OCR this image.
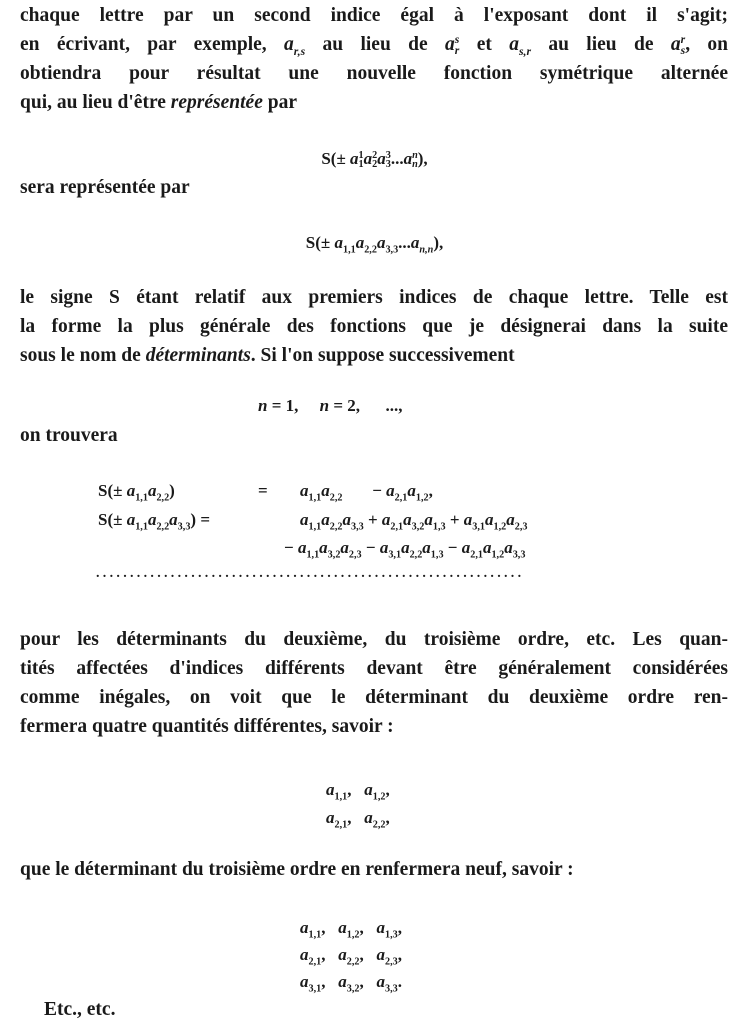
chaque lettre par un second indice égal à l'exposant dont il s'agit;
en écrivant, par exemple, $a_{r,s}$ au lieu de a s
r et $a_{s,r}$ au lieu de a r
s , on
obtiendra pour résultat une nouvelle fonction symétrique alternée
qui, au lieu d'être représentée par
S(± a 1
1 a 2
2 a 3
3 ...a n
n ),
sera représentée par
$S(\pm a_{1,1}a_{2,2}a_{3,3}...a_{n,n})$,
le signe S étant relatif aux premiers indices de chaque lettre. Telle est
la forme la plus générale des fonctions que je désignerai dans la suite
sous le nom de déterminants. Si l'on suppose successivement
n = 1,     n = 2,      ...,
on trouvera
$S(\pm a_{1,1}a_{2,2})$	= $a_{1,1}a_{2,2}$       − $a_{2,1}a_{1,2}$,
$S(\pm a_{1,1}a_{2,2}a_{3,3})$ =	$a_{1,1}a_{2,2}a_{3,3} + a_{2,1}a_{3,2}a_{1,3} + a_{3,1}a_{1,2}a_{2,3}$
− $a_{1,1}a_{3,2}a_{2,3} - a_{3,1}a_{2,2}a_{1,3} - a_{2,1}a_{1,2}a_{3,3}$
...............................................................
pour les déterminants du deuxième, du troisième ordre, etc. Les quan-
tités affectées d'indices différents devant être généralement considérées
comme inégales, on voit que le déterminant du deuxième ordre ren-
fermera quatre quantités différentes, savoir :
$a_{1,1}$,   $a_{1,2}$,
$a_{2,1}$,   $a_{2,2}$,
que le déterminant du troisième ordre en renfermera neuf, savoir :
$a_{1,1}$,   $a_{1,2}$,   $a_{1,3}$,
$a_{2,1}$,   $a_{2,2}$,   $a_{2,3}$,
$a_{3,1}$,   $a_{3,2}$,   $a_{3,3}$.
Etc., etc.
